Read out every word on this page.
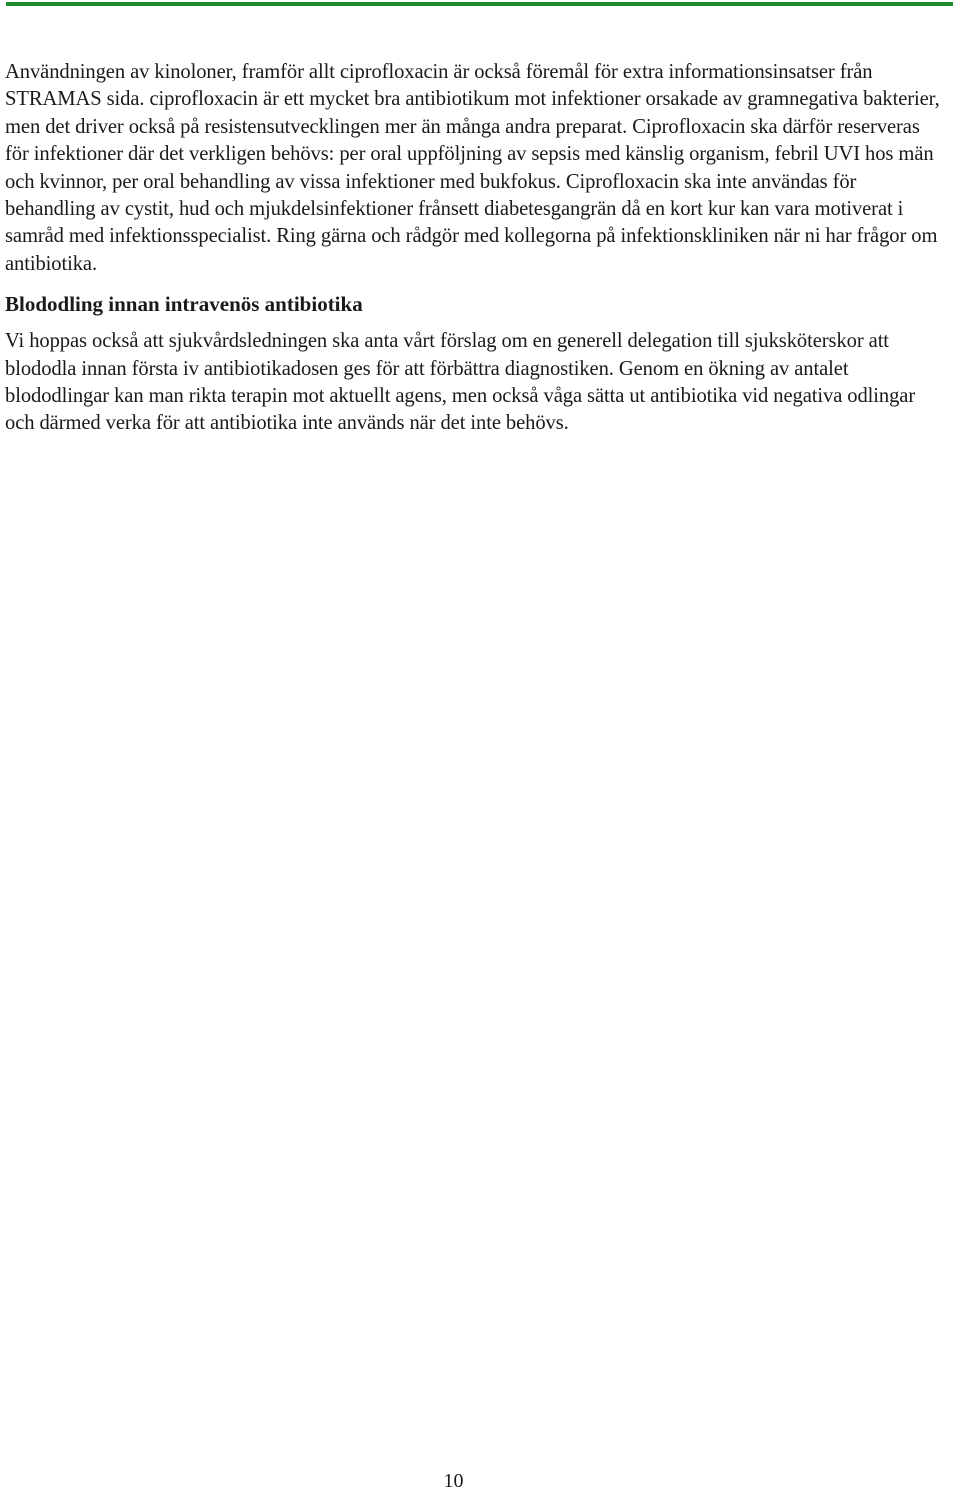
Användningen av kinoloner, framför allt ciprofloxacin är också föremål för extra informationsinsatser från STRAMAS sida. ciprofloxacin är ett mycket bra antibiotikum mot infektioner orsakade av gramnegativa bakterier, men det driver också på resistensutvecklingen mer än många andra preparat. Ciprofloxacin ska därför reserveras för infektioner där det verkligen behövs: per oral uppföljning av sepsis med känslig organism, febril UVI hos män och kvinnor, per oral behandling av vissa infektioner med bukfokus. Ciprofloxacin ska inte användas för behandling av cystit, hud och mjukdelsinfektioner frånsett diabetesgangrän då en kort kur kan vara motiverat i samråd med infektionsspecialist. Ring gärna och rådgör med kollegorna på infektionskliniken när ni har frågor om antibiotika.

Blododling innan intravenös antibiotika

Vi hoppas också att sjukvårdsledningen ska anta vårt förslag om en generell delegation till sjuksköterskor att blododla innan första iv antibiotikadosen ges för att förbättra diagnostiken. Genom en ökning av antalet blododlingar kan man rikta terapin mot aktuellt agens, men också våga sätta ut antibiotika vid negativa odlingar och därmed verka för att antibiotika inte används när det inte behövs.

10
